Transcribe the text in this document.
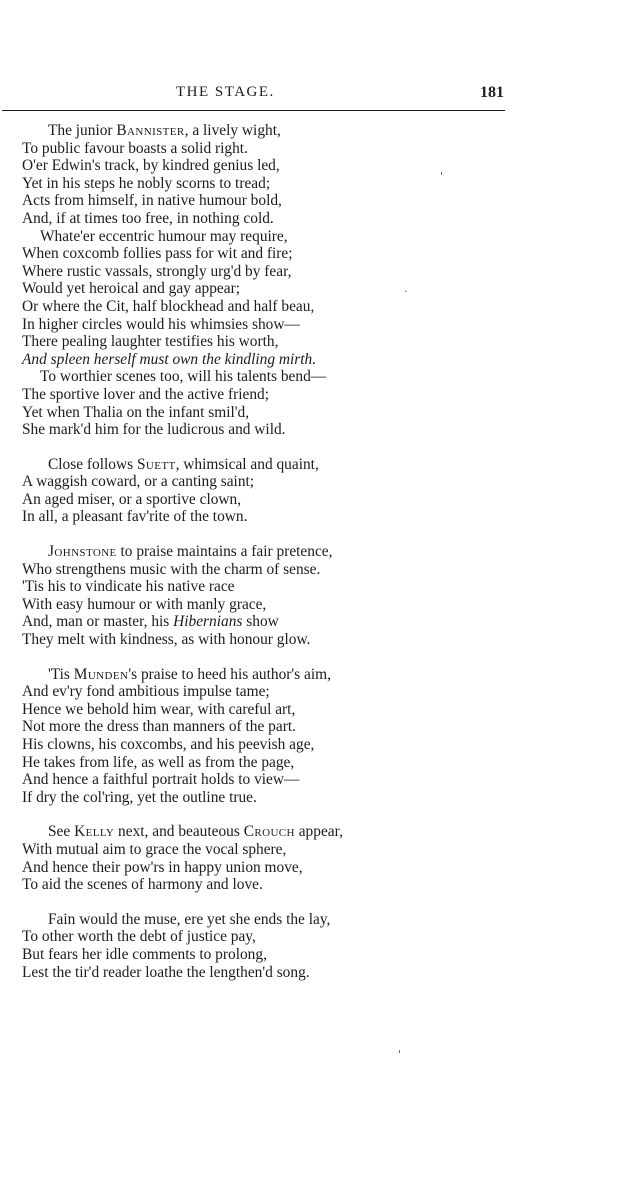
THE STAGE.	181
The junior Bannister, a lively wight,
To public favour boasts a solid right.
O'er Edwin's track, by kindred genius led,
Yet in his steps he nobly scorns to tread;
Acts from himself, in native humour bold,
And, if at times too free, in nothing cold.
Whate'er eccentric humour may require,
When coxcomb follies pass for wit and fire;
Where rustic vassals, strongly urg'd by fear,
Would yet heroical and gay appear;
Or where the Cit, half blockhead and half beau,
In higher circles would his whimsies show—
There pealing laughter testifies his worth,
And spleen herself must own the kindling mirth.
To worthier scenes too, will his talents bend—
The sportive lover and the active friend;
Yet when Thalia on the infant smil'd,
She mark'd him for the ludicrous and wild.
Close follows Suett, whimsical and quaint,
A waggish coward, or a canting saint;
An aged miser, or a sportive clown,
In all, a pleasant fav'rite of the town.
Johnstone to praise maintains a fair pretence,
Who strengthens music with the charm of sense.
'Tis his to vindicate his native race
With easy humour or with manly grace,
And, man or master, his Hibernians show
They melt with kindness, as with honour glow.
'Tis Munden's praise to heed his author's aim,
And ev'ry fond ambitious impulse tame;
Hence we behold him wear, with careful art,
Not more the dress than manners of the part.
His clowns, his coxcombs, and his peevish age,
He takes from life, as well as from the page,
And hence a faithful portrait holds to view—
If dry the col'ring, yet the outline true.
See Kelly next, and beauteous Crouch appear,
With mutual aim to grace the vocal sphere,
And hence their pow'rs in happy union move,
To aid the scenes of harmony and love.
Fain would the muse, ere yet she ends the lay,
To other worth the debt of justice pay,
But fears her idle comments to prolong,
Lest the tir'd reader loathe the lengthen'd song.
'
.
'
